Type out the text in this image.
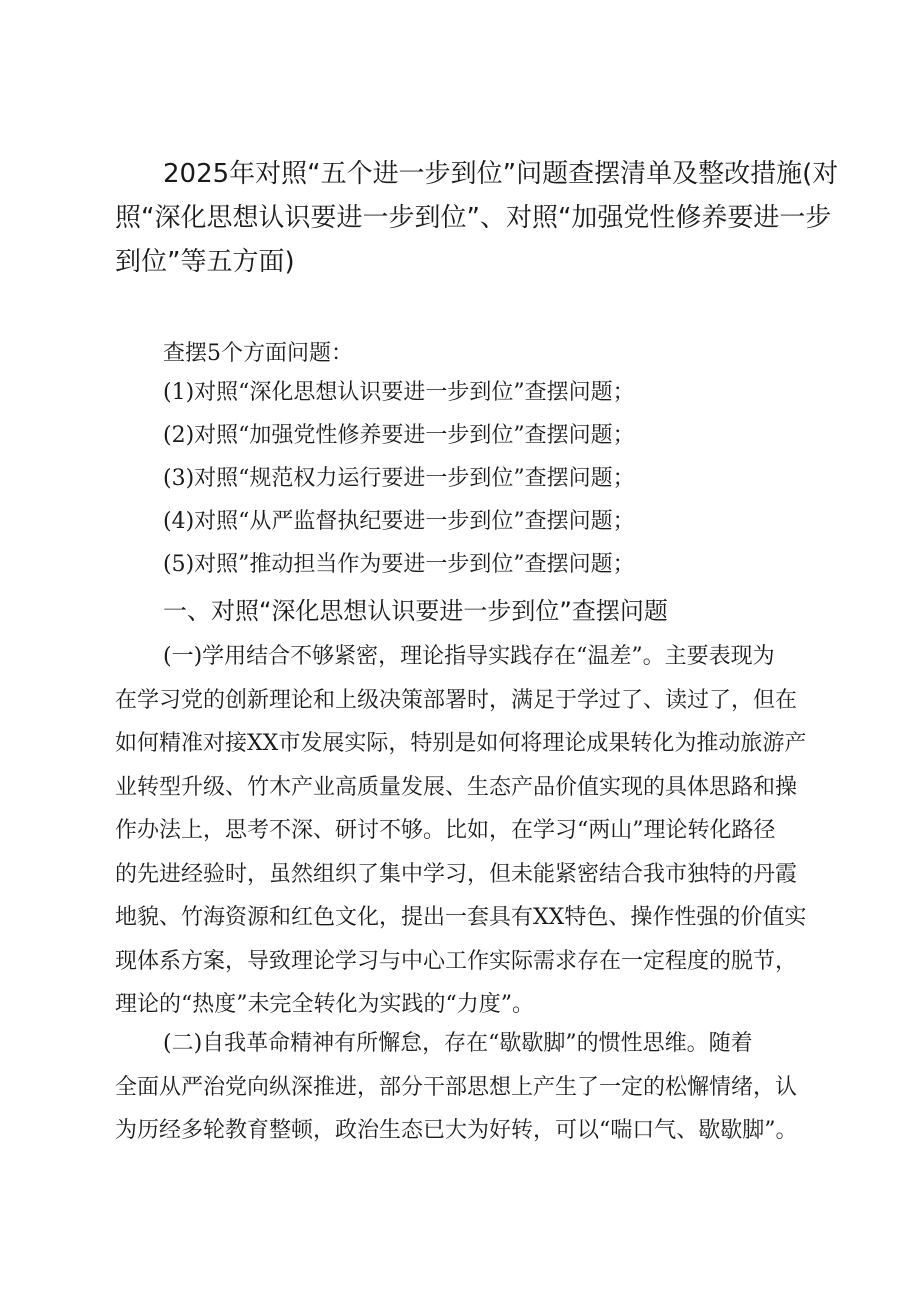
2025年对照“五个进一步到位”问题查摆清单及整改措施(对照“深化思想认识要进一步到位”、对照“加强党性修养要进一步到位”等五方面)

查摆5个方面问题：

(1)对照“深化思想认识要进一步到位”查摆问题；
(2)对照“加强党性修养要进一步到位”查摆问题；
(3)对照“规范权力运行要进一步到位”查摆问题；
(4)对照“从严监督执纪要进一步到位”查摆问题；
(5)对照”推动担当作为要进一步到位”查摆问题；
一、对照“深化思想认识要进一步到位”查摆问题
(一)学用结合不够紧密，理论指导实践存在“温差”。主要表现为
在学习党的创新理论和上级决策部署时，满足于学过了、读过了，但在
如何精准对接XX市发展实际，特别是如何将理论成果转化为推动旅游产
业转型升级、竹木产业高质量发展、生态产品价值实现的具体思路和操
作办法上，思考不深、研讨不够。比如，在学习“两山”理论转化路径
的先进经验时，虽然组织了集中学习，但未能紧密结合我市独特的丹霞
地貌、竹海资源和红色文化，提出一套具有XX特色、操作性强的价值实
现体系方案，导致理论学习与中心工作实际需求存在一定程度的脱节，
理论的“热度”未完全转化为实践的“力度”。
(二)自我革命精神有所懈怠，存在“歇歇脚”的惯性思维。随着
全面从严治党向纵深推进，部分干部思想上产生了一定的松懈情绪，认
为历经多轮教育整顿，政治生态已大为好转，可以“喘口气、歇歇脚”。
